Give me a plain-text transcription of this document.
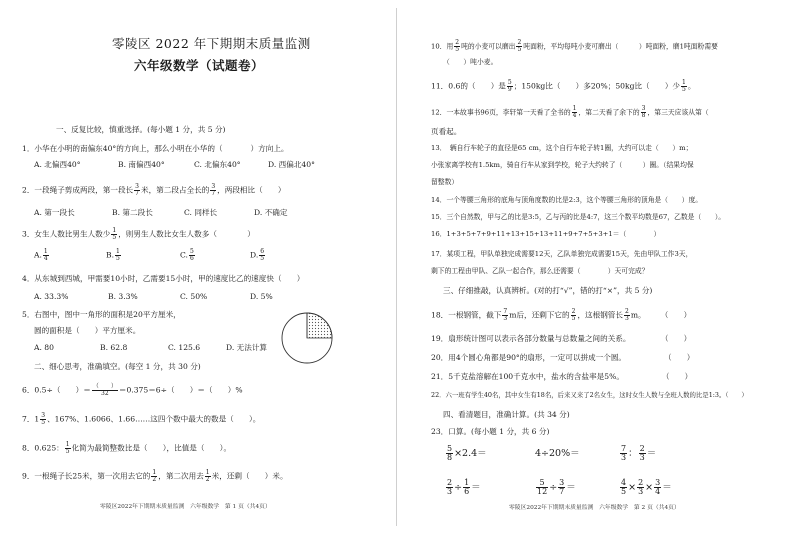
零陵区 2022 年下期期末质量监测
六年级数学（试题卷）
一、反复比较，慎重选择。(每小题 1 分，共 5 分)
1．小华在小明的南偏东40°的方向上，那么小明在小华的（	）方向上。
A. 北偏西40°	B. 南偏西40°	C. 北偏东40°	D. 西偏北40°
2．一段绳子剪成两段，第一段长 $\frac{3}{7}$ 米，第二段占全长的 $\frac{3}{7}$ ，两段相比（　　）
A. 第一段长	B. 第二段长	C. 同样长	D. 不确定
3．女生人数比男生人数少 $\frac{1}{5}$ ，则男生人数比女生人数多（　　　　）
A. $\frac{1}{4}$	B. $\frac{1}{5}$	C. $\frac{5}{6}$	D. $\frac{6}{5}$
4．从东城到西城，甲需要10小时，乙需要15小时，甲的速度比乙的速度快（　　）
A. 33.3%	B. 3.3%	C. 50%	D. 5%
5．右图中，图中一角形的面积是20平方厘米，
圆的面积是（　　）平方厘米。
A. 80	B. 62.8	C. 125.6	D. 无法计算
二、细心思考，准确填空。(每空 1 分，共 30 分)
6．0.5÷（　　）＝ $\frac{( )}{32} =0.375=6\div$（　　）＝（　　）%
7．$1 \frac{3}{5}$ 、167%、1.6066、1.66……这四个数中最大的数是（　　）。
8．0.625： $\frac{1}{5}$ 化简为最简整数比是（　　），比值是（　　）。
9．一根绳子长25米，第一次用去它的 $\frac{1}{2}$ ，第二次用去 $\frac{1}{2}$ 米，还剩（　　）米。
零陵区2022年下期期末质量监测　六年级数学　第 1 页（共4页）
10．用 $\frac{2}{5}$ 吨的小麦可以磨出 $\frac{2}{5}$ 吨面粉，平均每吨小麦可磨出（　　　）吨面粉，磨1吨面粉需要
（　　）吨小麦。
11．0.6的（　　）是 $\frac{5}{9}$ ；150kg比（　　）多20%；50kg比（　　）少 $\frac{1}{5}$ 。
12．一本故事书96页，李轩第一天看了全书的 $\frac{1}{4}$ ，第二天看了余下的 $\frac{3}{8}$ ，第三天应该从第（
页看起。
13．　辆自行车轮子的直径是65 cm，这个自行车轮子转1圈，大约可以走（　　）m；
小张家离学校有1.5km，骑自行车从家到学校，轮子大约转了（　　　）圈。（结果均保
留整数）
14．一个等腰三角形的底角与顶角度数的比是2:3，这个等腰三角形的顶角是（　　）度。
15．三个自然数，甲与乙的比是3:5，乙与丙的比是4:7，这三个数平均数是67，乙数是（　　）。
16．1+3+5+7+9+11+13+15+13+11+9+7+5+3+1＝（　　　　）
17．某项工程，甲队单独完成需要12天，乙队单独完成需要15天，先由甲队工作3天，
剩下的工程由甲队、乙队一起合作，那么还需要（　　　　）天可完成？
三、仔细推敲，认真辨析。(对的打“√”，错的打“×”，共 5 分)
18．一根钢管，截下 $\frac{7}{3}$ m后，还剩下它的 $\frac{2}{5}$ ，这根钢管长 $\frac{2}{3}$ m。　　　（　　）
19．扇形统计图可以表示各部分数量与总数量之间的关系。　　　　　（　　）
20．用4个圆心角都是90°的扇形，一定可以拼成一个圆。　　　　　　（　　）
21．5千克盐溶解在100千克水中，盐水的含盐率是5%。　　　　　　（　　）
22．六一班有学生40名，其中女生有18名，后来又来了2名女生，这时女生人数与全班人数的比是1:3。（　　）
四、看清题目，准确计算。(共 34 分)
23．口算。(每小题 1 分，共 6 分)
$\frac{5}{8} \times 2.4=$	4÷20%＝	$\frac{7}{3}$ ： $\frac{2}{3}$ ＝
$\frac{2}{3} \div \frac{1}{6}$ ＝	$\frac{5}{12} \div \frac{3}{7}$ ＝	$\frac{4}{5} \times \frac{2}{3} \times \frac{3}{4}$ ＝
零陵区2022年下期期末质量监测　六年级数学　第 2 页（共4页）
